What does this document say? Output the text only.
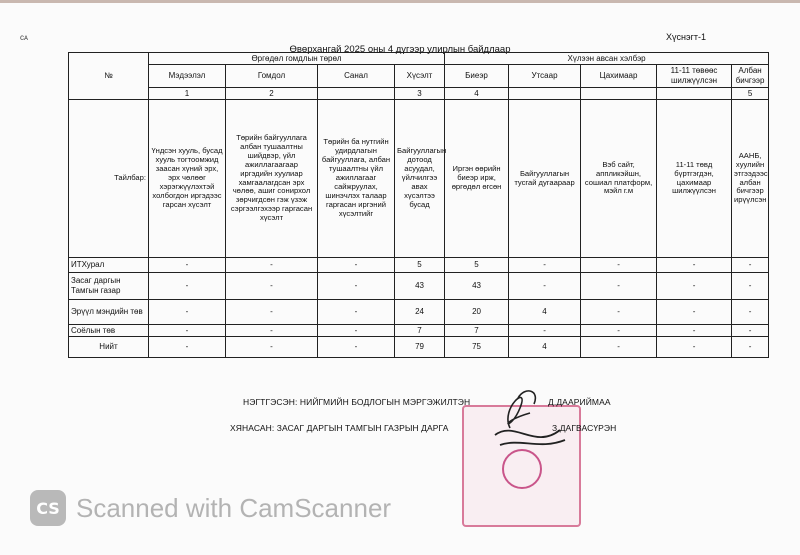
ᴄᴀ	Хүснэгт-1
Өвөрхангай 2025 оны 4 дүгээр улирлын байдлаар
№	Өргөдөл гомдлын төрөл				Хүлээн авсан хэлбэр				
	Мэдээлэл	Гомдол	Санал	Хүсэлт	Биеэр	Утсаар	Цахимаар	11-11 төвөөс шилжүүлсэн	Албан бичгээр
	1	2		3	4				5
Тайлбар:	Үндсэн хууль, бусад хууль тогтоомжид заасан хүний эрх, эрх чөлөөг хэрэгжүүлэхтэй холбогдон иргэдээс гарсан хүсэлт	Төрийн байгууллага албан тушаалтны шийдвэр, үйл ажиллагаагаар иргэдийн хуулиар хамгаалагдсан эрх чөлөө, ашиг сонирхол зөрчигдсөн гэж үзэж сэргээлгэхээр гаргасан хүсэлт	Төрийн ба нутгийн удирдлагын байгууллага, албан тушаалтны үйл ажиллагааг сайжруулах, шинэчлэх талаар гаргасан иргэний хүсэлтийг	Байгууллагын дотоод асуудал, үйлчилгээ авах хүсэлтээ бусад	Иргэн өөрийн биеэр ирж, өргөдөл өгсөн	Байгууллагын тусгай дугаараар	Вэб сайт, аппликэйшн, сошиал платформ, мэйл г.м	11-11 төвд бүртгэгдэн, цахимаар шилжүүлсэн	ААНБ, хуулийн этгээдээс албан бичгээр ирүүлсэн
ИТХурал	-	-	-	5	5	-	-	-	-
Засаг даргын Тамгын газар	-	-	-	43	43	-	-	-	-
Эрүүл мэндийн төв	-	-	-	24	20	4	-	-	-
Соёлын төв	-	-	-	7	7	-	-	-	-
Нийт	-	-	-	79	75	4	-	-	-
НЭГТГЭСЭН: НИЙГМИЙН БОДЛОГЫН МЭРГЭЖИЛТЭН	Д.ДААРИЙМАА
ХЯНАСАН: ЗАСАГ ДАРГЫН ТАМГЫН ГАЗРЫН ДАРГА	З.ДАГВАСҮРЭН
CS Scanned with CamScanner
